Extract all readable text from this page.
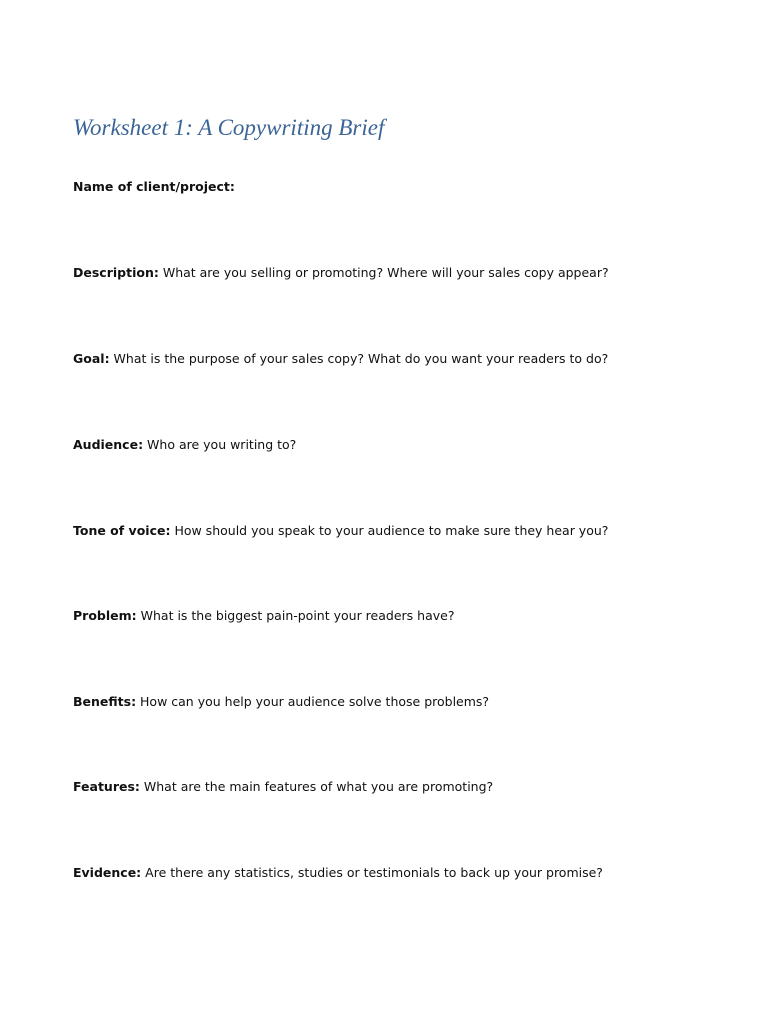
Worksheet 1: A Copywriting Brief

Name of client/project:

Description: What are you selling or promoting? Where will your sales copy appear?

Goal: What is the purpose of your sales copy? What do you want your readers to do?

Audience: Who are you writing to?

Tone of voice: How should you speak to your audience to make sure they hear you?

Problem: What is the biggest pain-point your readers have?

Benefits: How can you help your audience solve those problems?

Features: What are the main features of what you are promoting?

Evidence: Are there any statistics, studies or testimonials to back up your promise?
